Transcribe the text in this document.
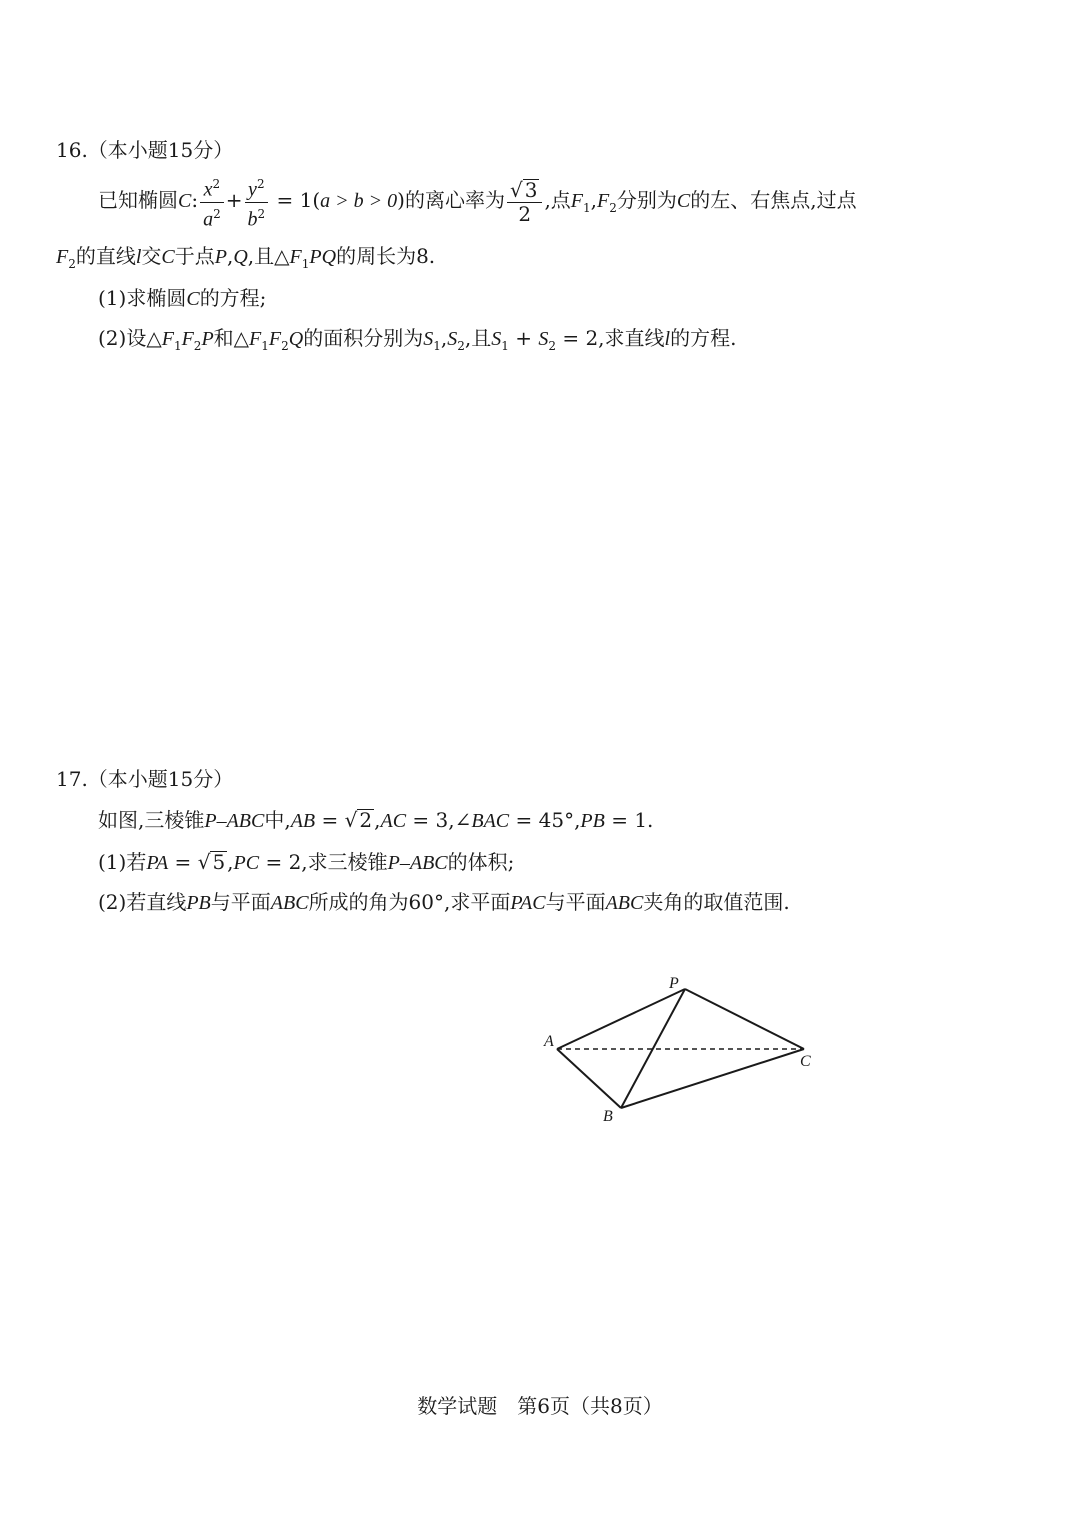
16.（本小题15分）
已知椭圆C: $\frac{x^2}{a^2} + \frac{y^2}{b^2} = 1(a > b > 0)$的离心率为 $\frac{√ 3}{2}$ ,点$F_1,F_2$分别为C的左、右焦点,过点
$F_2$的直线l交C于点P,Q,且$\triangle F_1PQ$的周长为8.
(1)求椭圆C的方程;
(2)设$\triangle F_1F_2P$和$\triangle F_1F_2Q$的面积分别为$S_1,S_2$,且$S_1 + S_2 = 2$,求直线l的方程.
17.（本小题15分）
如图,三棱锥P–ABC中,AB = √ 2 ,AC = 3,∠BAC = 45°,PB = 1.
(1)若PA = √ 5 ,PC = 2,求三棱锥P–ABC的体积;
(2)若直线PB与平面ABC所成的角为60°,求平面PAC与平面ABC夹角的取值范围.
P
A
B
C
数学试题　第6页（共8页）
